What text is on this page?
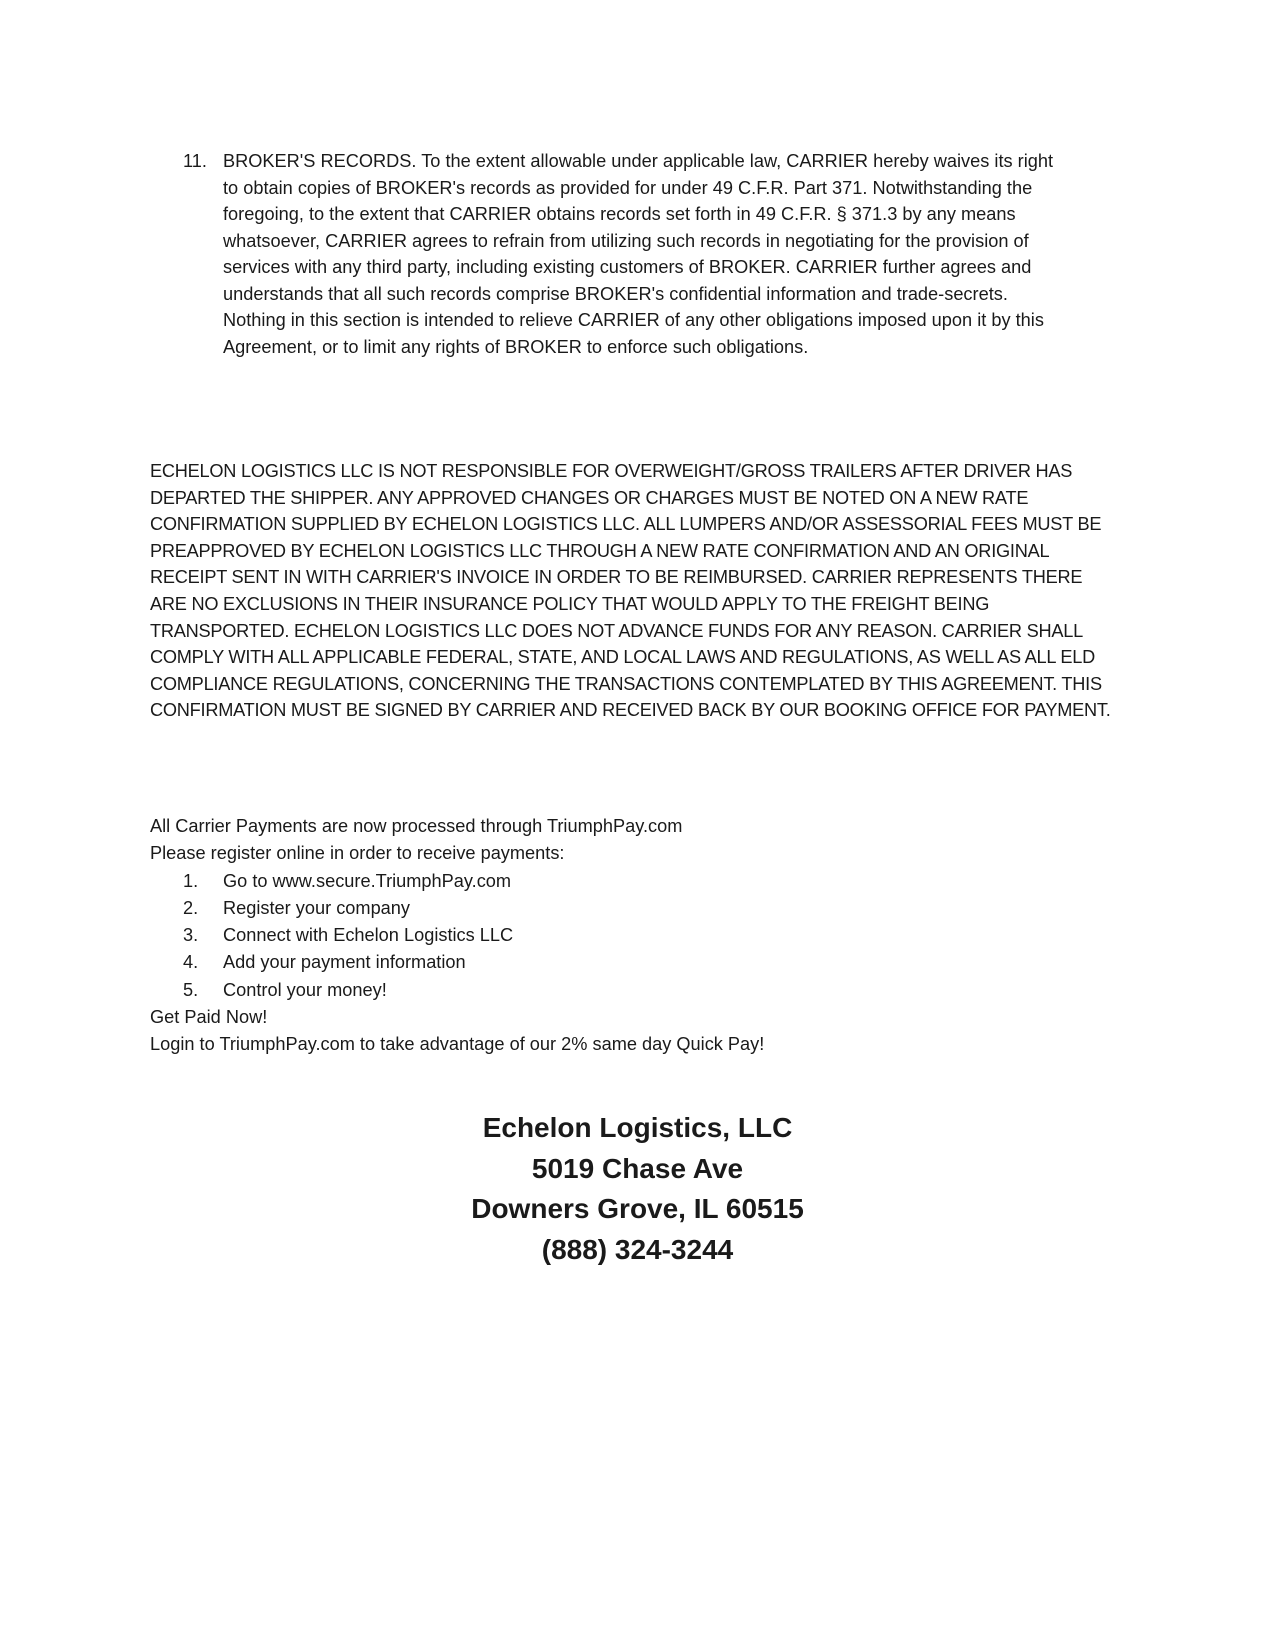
11. BROKER'S RECORDS. To the extent allowable under applicable law, CARRIER hereby waives its right to obtain copies of BROKER's records as provided for under 49 C.F.R. Part 371. Notwithstanding the foregoing, to the extent that CARRIER obtains records set forth in 49 C.F.R. § 371.3 by any means whatsoever, CARRIER agrees to refrain from utilizing such records in negotiating for the provision of services with any third party, including existing customers of BROKER. CARRIER further agrees and understands that all such records comprise BROKER's confidential information and trade-secrets. Nothing in this section is intended to relieve CARRIER of any other obligations imposed upon it by this Agreement, or to limit any rights of BROKER to enforce such obligations.
ECHELON LOGISTICS LLC IS NOT RESPONSIBLE FOR OVERWEIGHT/GROSS TRAILERS AFTER DRIVER HAS DEPARTED THE SHIPPER. ANY APPROVED CHANGES OR CHARGES MUST BE NOTED ON A NEW RATE CONFIRMATION SUPPLIED BY ECHELON LOGISTICS LLC. ALL LUMPERS AND/OR ASSESSORIAL FEES MUST BE PREAPPROVED BY ECHELON LOGISTICS LLC THROUGH A NEW RATE CONFIRMATION AND AN ORIGINAL RECEIPT SENT IN WITH CARRIER'S INVOICE IN ORDER TO BE REIMBURSED. CARRIER REPRESENTS THERE ARE NO EXCLUSIONS IN THEIR INSURANCE POLICY THAT WOULD APPLY TO THE FREIGHT BEING TRANSPORTED. ECHELON LOGISTICS LLC DOES NOT ADVANCE FUNDS FOR ANY REASON. CARRIER SHALL COMPLY WITH ALL APPLICABLE FEDERAL, STATE, AND LOCAL LAWS AND REGULATIONS, AS WELL AS ALL ELD COMPLIANCE REGULATIONS, CONCERNING THE TRANSACTIONS CONTEMPLATED BY THIS AGREEMENT. THIS CONFIRMATION MUST BE SIGNED BY CARRIER AND RECEIVED BACK BY OUR BOOKING OFFICE FOR PAYMENT.

All Carrier Payments are now processed through TriumphPay.com

Please register online in order to receive payments:

1.	Go to www.secure.TriumphPay.com
2.	Register your company
3.	Connect with Echelon Logistics LLC
4.	Add your payment information
5.	Control your money!

Get Paid Now!

Login to TriumphPay.com to take advantage of our 2% same day Quick Pay!

Echelon Logistics, LLC
5019 Chase Ave
Downers Grove, IL 60515
(888) 324-3244
